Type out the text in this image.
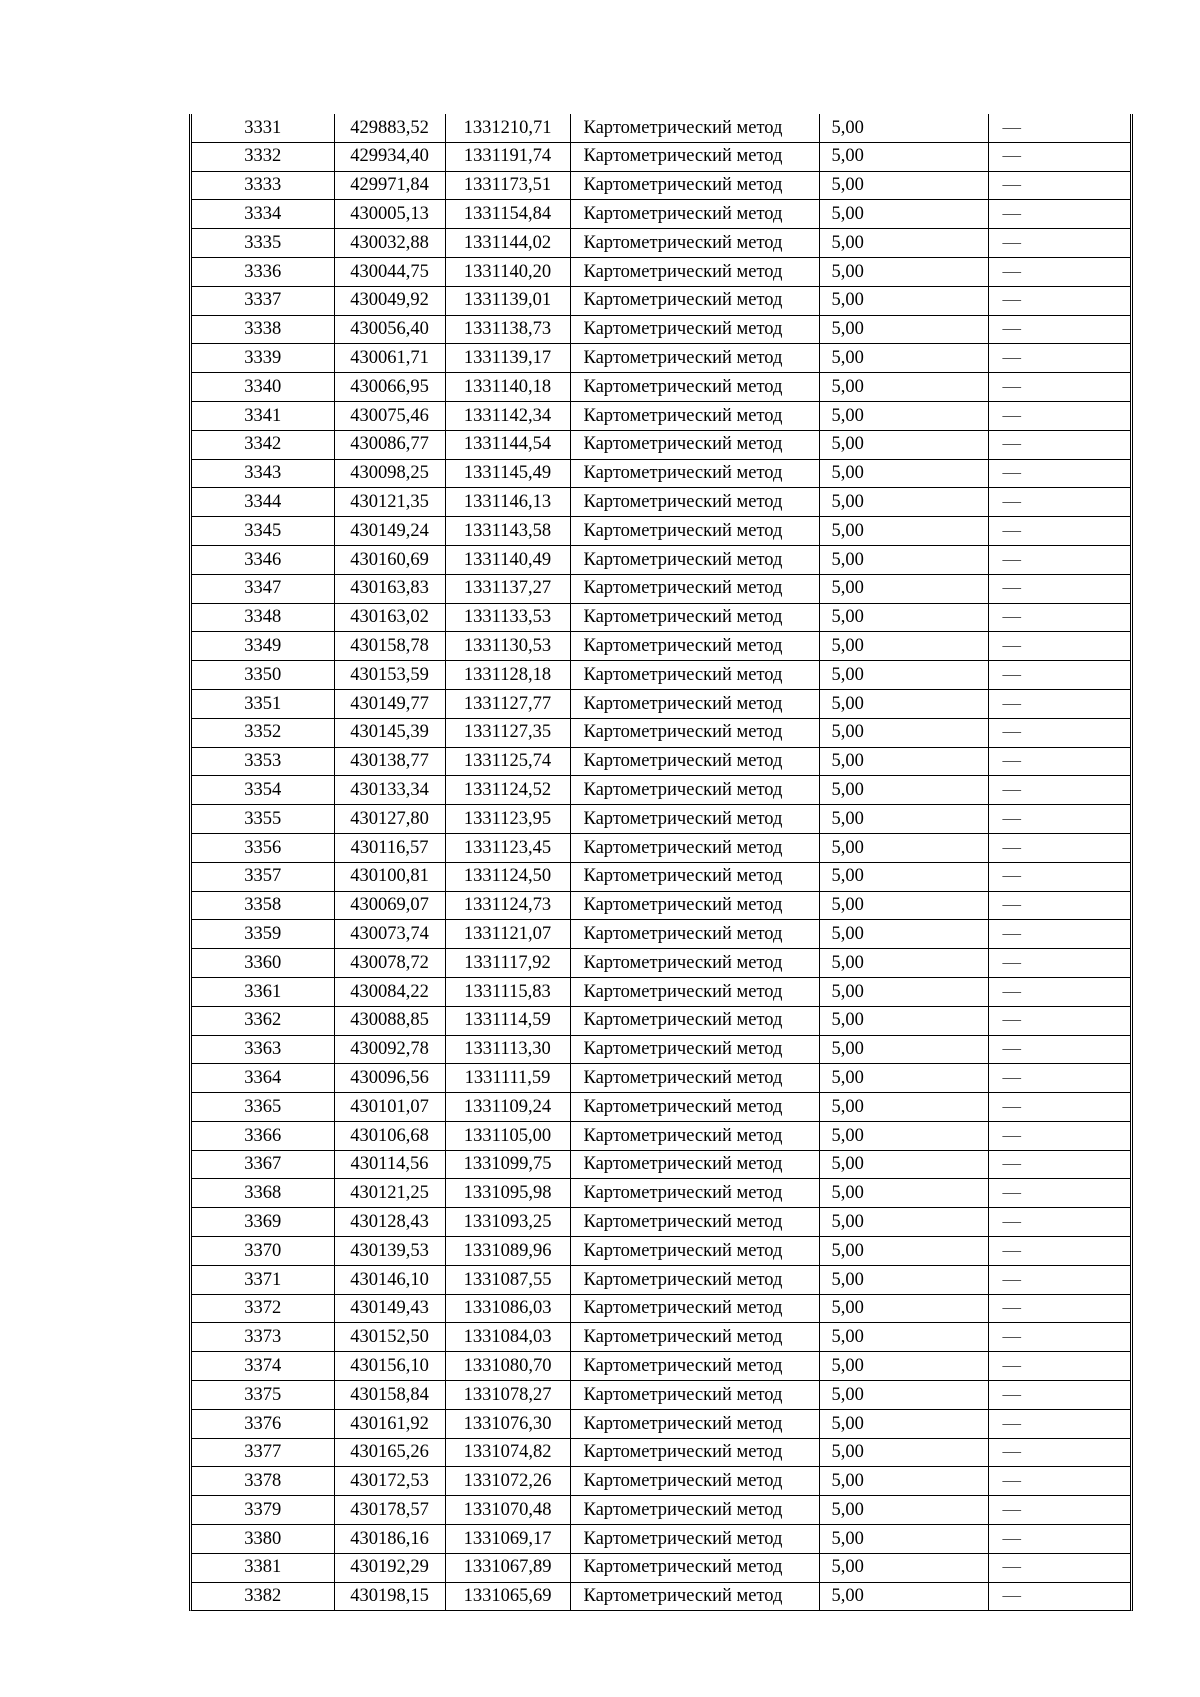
3331	429883,52	1331210,71	Картометрический метод	5,00	—
3332	429934,40	1331191,74	Картометрический метод	5,00	—
3333	429971,84	1331173,51	Картометрический метод	5,00	—
3334	430005,13	1331154,84	Картометрический метод	5,00	—
3335	430032,88	1331144,02	Картометрический метод	5,00	—
3336	430044,75	1331140,20	Картометрический метод	5,00	—
3337	430049,92	1331139,01	Картометрический метод	5,00	—
3338	430056,40	1331138,73	Картометрический метод	5,00	—
3339	430061,71	1331139,17	Картометрический метод	5,00	—
3340	430066,95	1331140,18	Картометрический метод	5,00	—
3341	430075,46	1331142,34	Картометрический метод	5,00	—
3342	430086,77	1331144,54	Картометрический метод	5,00	—
3343	430098,25	1331145,49	Картометрический метод	5,00	—
3344	430121,35	1331146,13	Картометрический метод	5,00	—
3345	430149,24	1331143,58	Картометрический метод	5,00	—
3346	430160,69	1331140,49	Картометрический метод	5,00	—
3347	430163,83	1331137,27	Картометрический метод	5,00	—
3348	430163,02	1331133,53	Картометрический метод	5,00	—
3349	430158,78	1331130,53	Картометрический метод	5,00	—
3350	430153,59	1331128,18	Картометрический метод	5,00	—
3351	430149,77	1331127,77	Картометрический метод	5,00	—
3352	430145,39	1331127,35	Картометрический метод	5,00	—
3353	430138,77	1331125,74	Картометрический метод	5,00	—
3354	430133,34	1331124,52	Картометрический метод	5,00	—
3355	430127,80	1331123,95	Картометрический метод	5,00	—
3356	430116,57	1331123,45	Картометрический метод	5,00	—
3357	430100,81	1331124,50	Картометрический метод	5,00	—
3358	430069,07	1331124,73	Картометрический метод	5,00	—
3359	430073,74	1331121,07	Картометрический метод	5,00	—
3360	430078,72	1331117,92	Картометрический метод	5,00	—
3361	430084,22	1331115,83	Картометрический метод	5,00	—
3362	430088,85	1331114,59	Картометрический метод	5,00	—
3363	430092,78	1331113,30	Картометрический метод	5,00	—
3364	430096,56	1331111,59	Картометрический метод	5,00	—
3365	430101,07	1331109,24	Картометрический метод	5,00	—
3366	430106,68	1331105,00	Картометрический метод	5,00	—
3367	430114,56	1331099,75	Картометрический метод	5,00	—
3368	430121,25	1331095,98	Картометрический метод	5,00	—
3369	430128,43	1331093,25	Картометрический метод	5,00	—
3370	430139,53	1331089,96	Картометрический метод	5,00	—
3371	430146,10	1331087,55	Картометрический метод	5,00	—
3372	430149,43	1331086,03	Картометрический метод	5,00	—
3373	430152,50	1331084,03	Картометрический метод	5,00	—
3374	430156,10	1331080,70	Картометрический метод	5,00	—
3375	430158,84	1331078,27	Картометрический метод	5,00	—
3376	430161,92	1331076,30	Картометрический метод	5,00	—
3377	430165,26	1331074,82	Картометрический метод	5,00	—
3378	430172,53	1331072,26	Картометрический метод	5,00	—
3379	430178,57	1331070,48	Картометрический метод	5,00	—
3380	430186,16	1331069,17	Картометрический метод	5,00	—
3381	430192,29	1331067,89	Картометрический метод	5,00	—
3382	430198,15	1331065,69	Картометрический метод	5,00	—
